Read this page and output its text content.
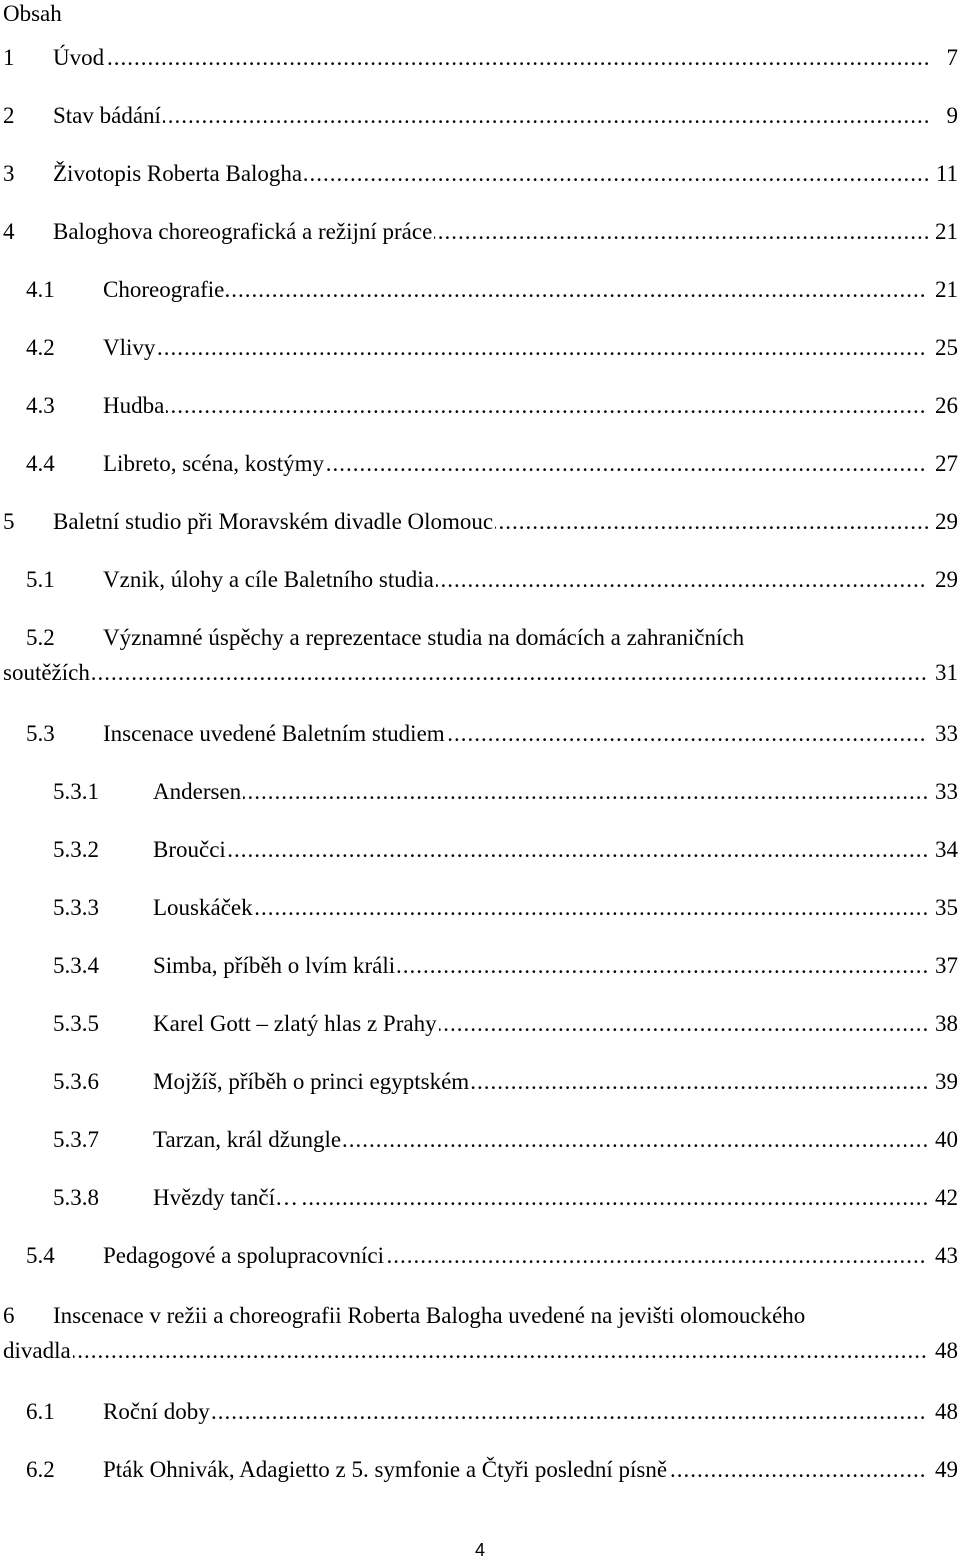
Obsah
1 ..... Úvod	7
2 ..... Stav bádání	9
3 ..... Životopis Roberta Balogha	11
4 ..... Baloghova choreografická a režijní práce	21
4.1 ..... Choreografie	21
4.2 ..... Vlivy	25
4.3 ..... Hudba	26
4.4 ..... Libreto, scéna, kostýmy	27
5 ..... Baletní studio při Moravském divadle Olomouc	29
5.1 ..... Vznik, úlohy a cíle Baletního studia	29
5.2 Významné úspěchy a reprezentace studia na domácích a zahraničních
.....
soutěžích	31
5.3 ..... Inscenace uvedené Baletním studiem	33
5.3.1 ..... Andersen	33
5.3.2 ..... Broučci	34
5.3.3 ..... Louskáček	35
5.3.4 ..... Simba, příběh o lvím králi	37
5.3.5 ..... Karel Gott – zlatý hlas z Prahy	38
5.3.6 ..... Mojžíš, příběh o princi egyptském	39
5.3.7 ..... Tarzan, král džungle	40
5.3.8 ..... Hvězdy tančí…	42
5.4 ..... Pedagogové a spolupracovníci	43
6 Inscenace v režii a choreografii Roberta Balogha uvedené na jevišti olomouckého
.....
divadla	48
6.1 ..... Roční doby	48
6.2 ..... Pták Ohnivák, Adagietto z 5. symfonie a Čtyři poslední písně	49
4
